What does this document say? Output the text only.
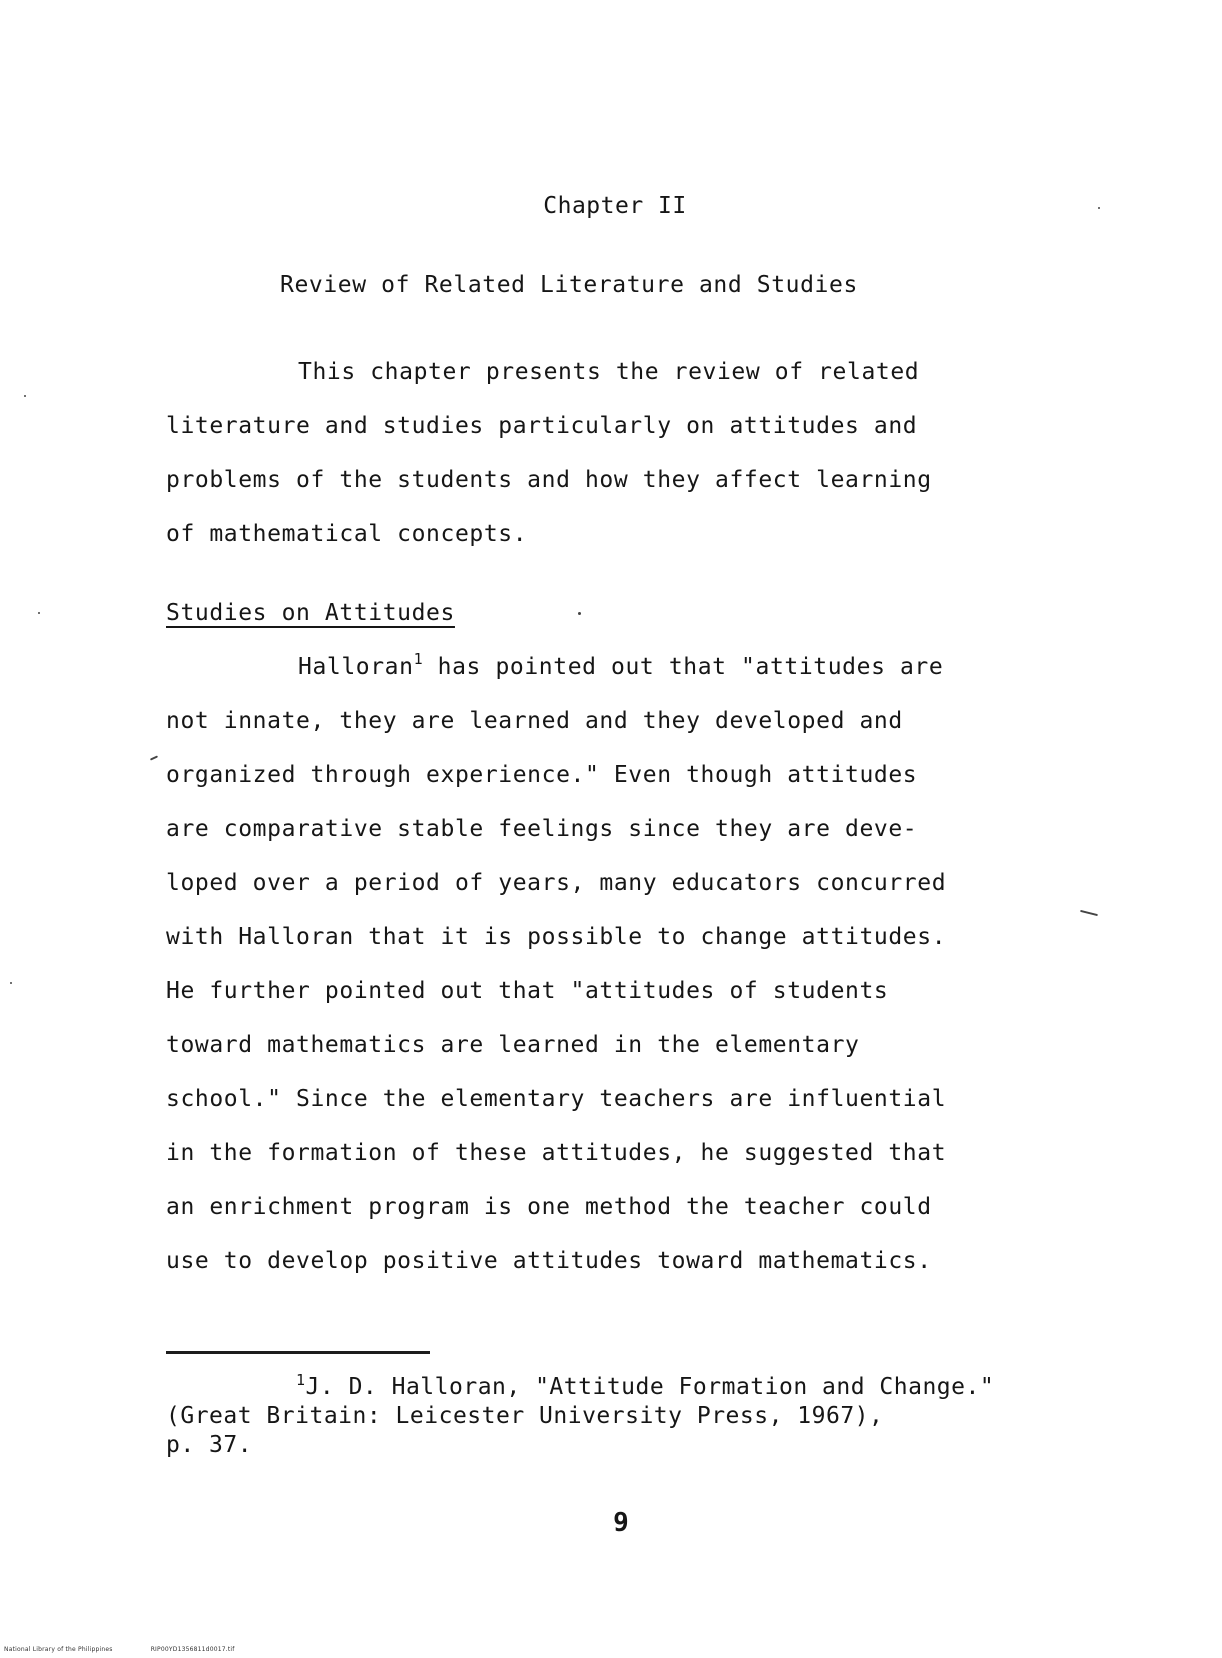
Chapter II
Review of Related Literature and Studies

This chapter presents the review of related
literature and studies particularly on attitudes and
problems of the students and how they affect learning
of mathematical concepts.

Studies on Attitudes

Halloran$^1$ has pointed out that "attitudes are
not innate, they are learned and they developed and
organized through experience." Even though attitudes
are comparative stable feelings since they are deve-
loped over a period of years, many educators concurred
with Halloran that it is possible to change attitudes.
He further pointed out that "attitudes of students
toward mathematics are learned in the elementary
school." Since the elementary teachers are influential
in the formation of these attitudes, he suggested that
an enrichment program is one method the teacher could
use to develop positive attitudes toward mathematics.

$^1$J. D. Halloran, "Attitude Formation and Change."
(Great Britain: Leicester University Press, 1967),
p. 37.

9
National Library of the Philippines	RIP00YD1356811d0017.tif
